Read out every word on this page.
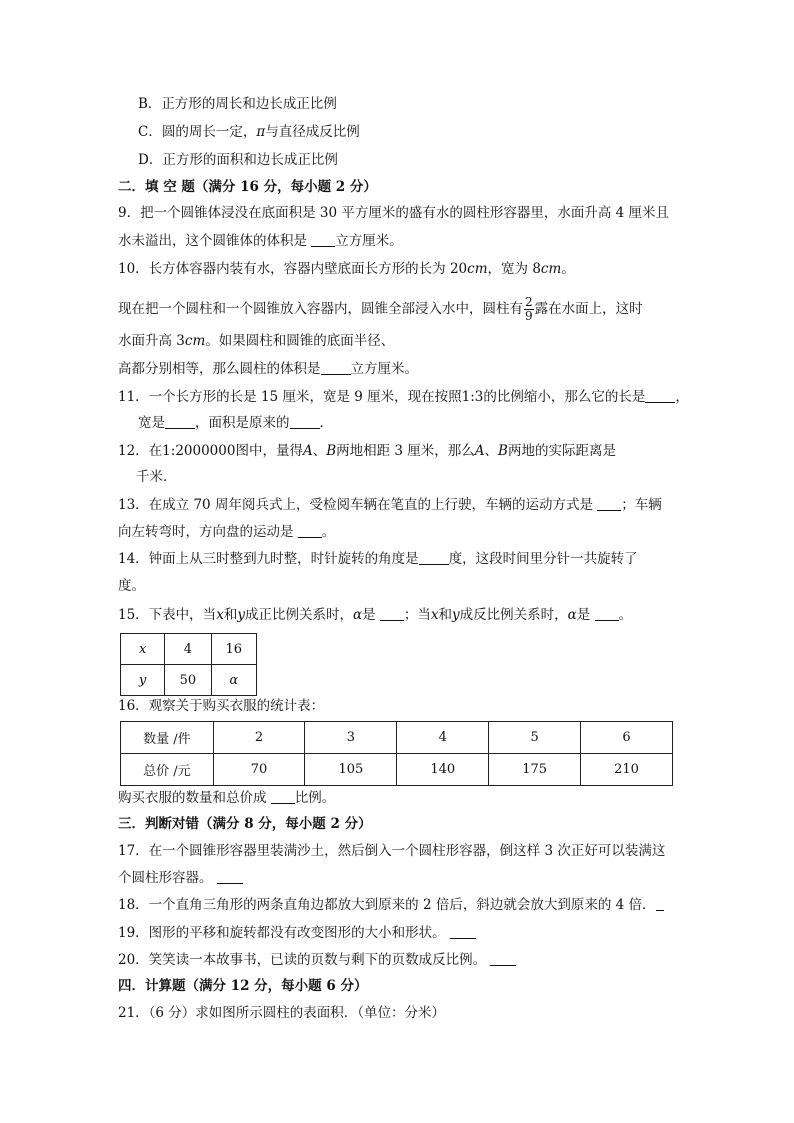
B．正方形的周长和边长成正比例
C．圆的周长一定，π与直径成反比例
D．正方形的面积和边长成正比例
二．填 空 题（满分 16 分，每小题 2 分）
9．把一个圆锥体浸没在底面积是 30 平方厘米的盛有水的圆柱形容器里，水面升高 4 厘米且
水未溢出，这个圆锥体的体积是 立方厘米。
10．长方体容器内装有水，容器内壁底面长方形的长为 20cm，宽为 8cm。
现在把一个圆柱和一个圆锥放入容器内，圆锥全部浸入水中，圆柱有 $\frac{2}{9}$ 露在水面上，这时
水面升高 3cm。如果圆柱和圆锥的底面半径、
高都分别相等，那么圆柱的体积是 立方厘米。
11．一个长方形的长是 15 厘米，宽是 9 厘米，现在按照1:3的比例缩小，那么它的长是 ，
宽是 ，面积是原来的 ．
12．在1:2000000图中，量得A、B两地相距 3 厘米，那么A、B两地的实际距离是
千米．
13．在成立 70 周年阅兵式上，受检阅车辆在笔直的上行驶，车辆的运动方式是 ；车辆
向左转弯时，方向盘的运动是 。
14．钟面上从三时整到九时整，时针旋转的角度是 度，这段时间里分针一共旋转了
度。
15．下表中，当x和y成正比例关系时，α是 ；当x和y成反比例关系时，α是 。
x	4	16
y	50	α
16．观察关于购买衣服的统计表：
数量 /件	2	3	4	5	6
总价 /元	70	105	140	175	210
购买衣服的数量和总价成 比例。
三．判断对错（满分 8 分，每小题 2 分）
17．在一个圆锥形容器里装满沙土，然后倒入一个圆柱形容器，倒这样 3 次正好可以装满这
个圆柱形容器。
18．一个直角三角形的两条直角边都放大到原来的 2 倍后，斜边就会放大到原来的 4 倍．
19．图形的平移和旋转都没有改变图形的大小和形状。
20．笑笑读一本故事书，已读的页数与剩下的页数成反比例。
四．计算题（满分 12 分，每小题 6 分）
21．（6 分）求如图所示圆柱的表面积．（单位：分米）
